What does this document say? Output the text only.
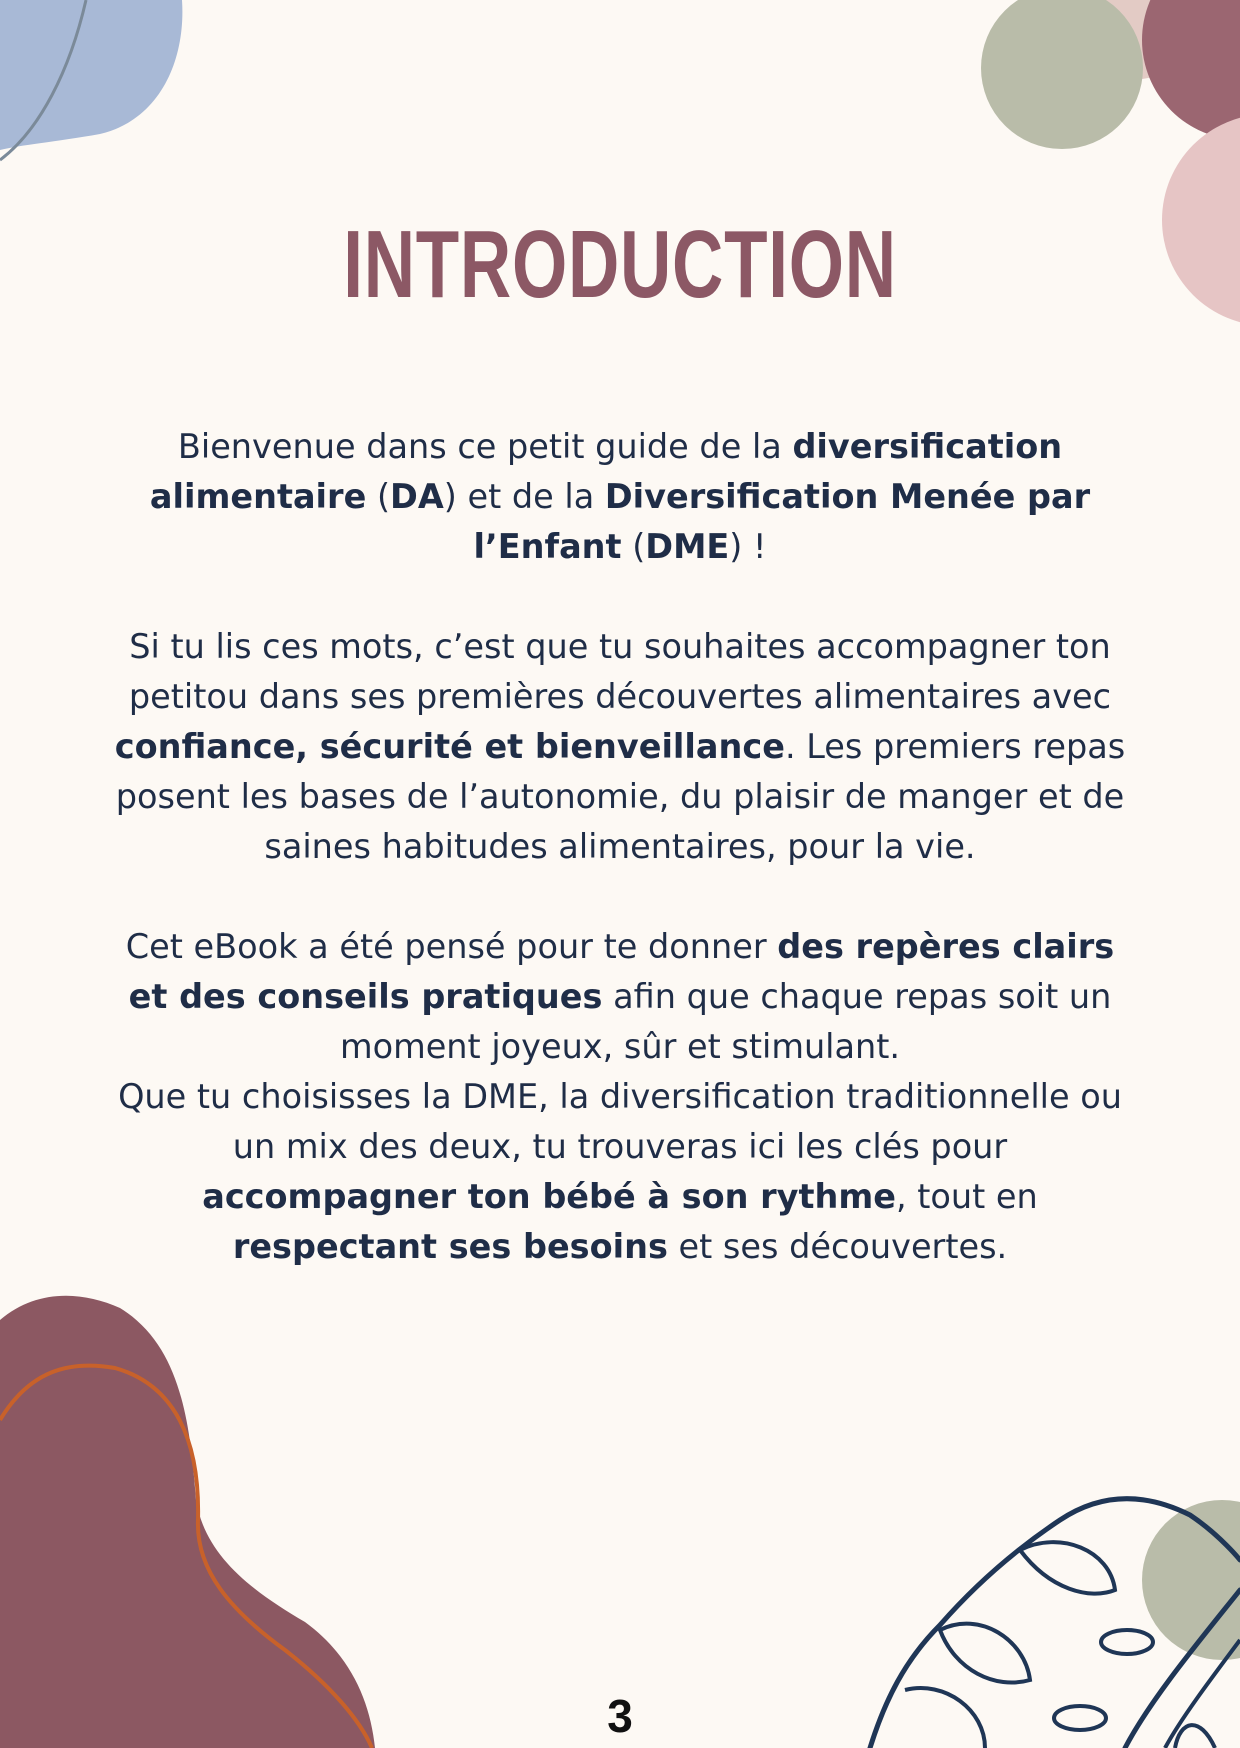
INTRODUCTION

Bienvenue dans ce petit guide de la diversification alimentaire (DA) et de la Diversification Menée par l’Enfant (DME) !

Si tu lis ces mots, c’est que tu souhaites accompagner ton petitou dans ses premières découvertes alimentaires avec confiance, sécurité et bienveillance. Les premiers repas posent les bases de l’autonomie, du plaisir de manger et de saines habitudes alimentaires, pour la vie.

Cet eBook a été pensé pour te donner des repères clairs et des conseils pratiques afin que chaque repas soit un moment joyeux, sûr et stimulant.
Que tu choisisses la DME, la diversification traditionnelle ou un mix des deux, tu trouveras ici les clés pour accompagner ton bébé à son rythme, tout en respectant ses besoins et ses découvertes.

3
